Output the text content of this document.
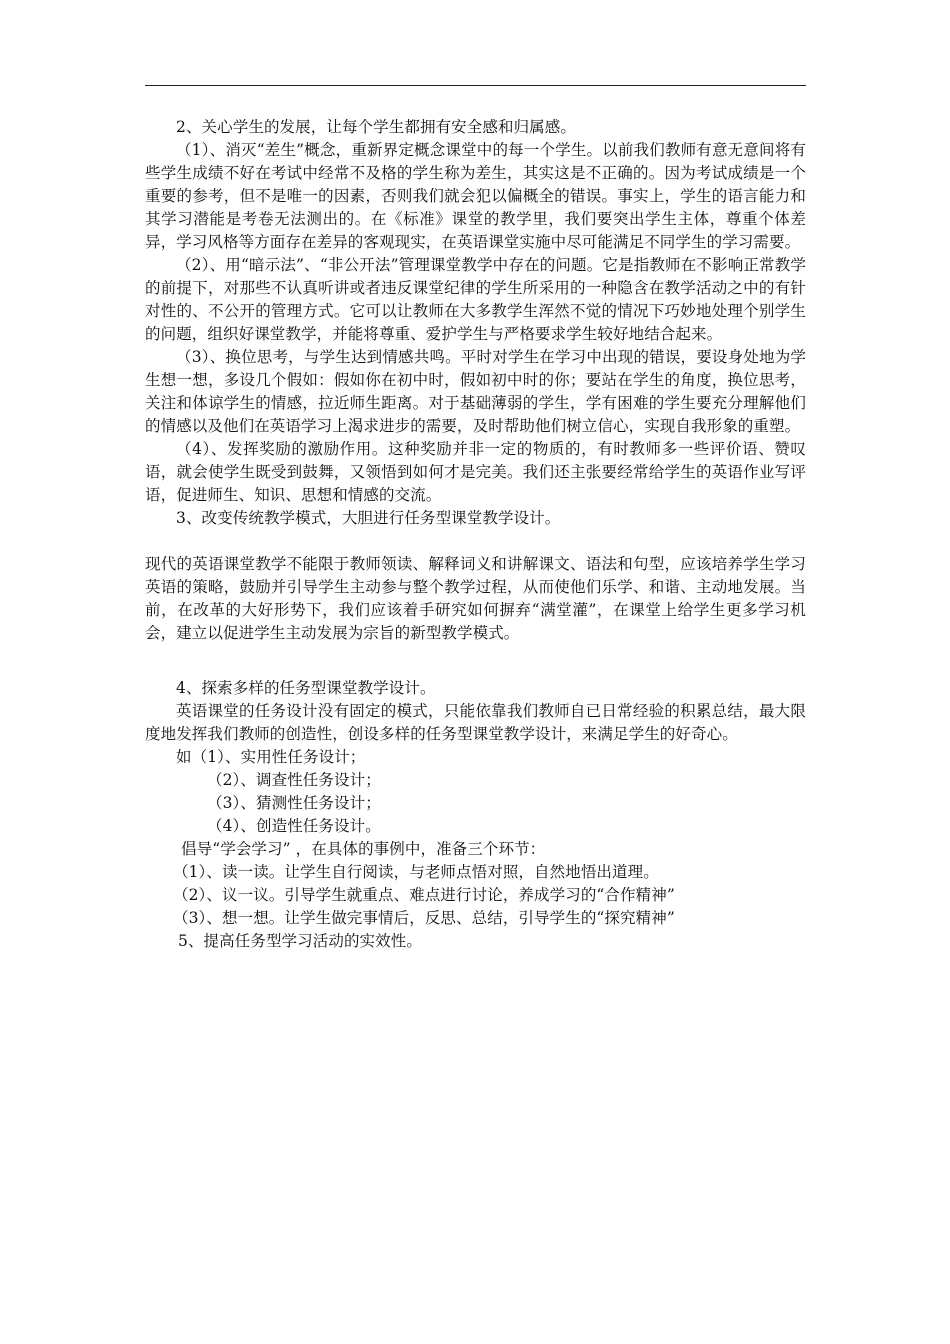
2、关心学生的发展，让每个学生都拥有安全感和归属感。

（1）、消灭“差生”概念，重新界定概念课堂中的每一个学生。以前我们教师有意无意间将有些学生成绩不好在考试中经常不及格的学生称为差生，其实这是不正确的。因为考试成绩是一个重要的参考，但不是唯一的因素，否则我们就会犯以偏概全的错误。事实上，学生的语言能力和其学习潜能是考卷无法测出的。在《标准》课堂的教学里，我们要突出学生主体，尊重个体差异，学习风格等方面存在差异的客观现实，在英语课堂实施中尽可能满足不同学生的学习需要。

（2）、用“暗示法”、“非公开法”管理课堂教学中存在的问题。它是指教师在不影响正常教学的前提下，对那些不认真听讲或者违反课堂纪律的学生所采用的一种隐含在教学活动之中的有针对性的、不公开的管理方式。它可以让教师在大多教学生浑然不觉的情况下巧妙地处理个别学生的问题，组织好课堂教学，并能将尊重、爱护学生与严格要求学生较好地结合起来。

（3）、换位思考，与学生达到情感共鸣。平时对学生在学习中出现的错误，要设身处地为学生想一想，多设几个假如：假如你在初中时，假如初中时的你；要站在学生的角度，换位思考，关注和体谅学生的情感，拉近师生距离。对于基础薄弱的学生，学有困难的学生要充分理解他们的情感以及他们在英语学习上渴求进步的需要，及时帮助他们树立信心，实现自我形象的重塑。

（4）、发挥奖励的激励作用。这种奖励并非一定的物质的，有时教师多一些评价语、赞叹语，就会使学生既受到鼓舞，又领悟到如何才是完美。我们还主张要经常给学生的英语作业写评语，促进师生、知识、思想和情感的交流。

3、改变传统教学模式，大胆进行任务型课堂教学设计。

现代的英语课堂教学不能限于教师领读、解释词义和讲解课文、语法和句型，应该培养学生学习英语的策略，鼓励并引导学生主动参与整个教学过程，从而使他们乐学、和谐、主动地发展。当前，在改革的大好形势下，我们应该着手研究如何摒弃“满堂灌”，在课堂上给学生更多学习机会，建立以促进学生主动发展为宗旨的新型教学模式。

4、探索多样的任务型课堂教学设计。

英语课堂的任务设计没有固定的模式，只能依靠我们教师自已日常经验的积累总结，最大限度地发挥我们教师的创造性，创设多样的任务型课堂教学设计，来满足学生的好奇心。

如（1）、实用性任务设计；

（2）、调查性任务设计；

（3）、猜测性任务设计；

（4）、创造性任务设计。

倡导“学会学习” ，在具体的事例中，准备三个环节：

（1）、读一读。让学生自行阅读，与老师点悟对照，自然地悟出道理。

（2）、议一议。引导学生就重点、难点进行讨论，养成学习的“合作精神”

（3）、想一想。让学生做完事情后，反思、总结，引导学生的“探究精神”

5、提高任务型学习活动的实效性。
